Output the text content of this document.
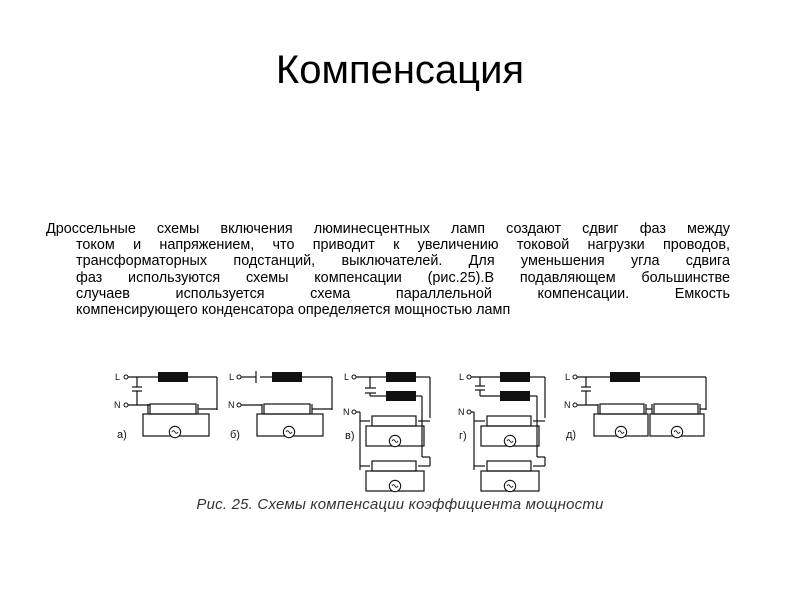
Компенсация
Дроссельные схемы включения люминесцентных ламп создают сдвиг фаз между
током и напряжением, что приводит к увеличению токовой нагрузки проводов,
трансформаторных подстанций, выключателей. Для уменьшения угла сдвига
фаз используются схемы компенсации (рис.25).В подавляющем большинстве
случаев используется схема параллельной компенсации. Емкость
компенсирующего конденсатора определяется мощностью ламп
L
N
L
N
L
N
L
N
L
N
а)	б)	в)	г)	д)
Рис. 25. Схемы компенсации коэффициента мощности
